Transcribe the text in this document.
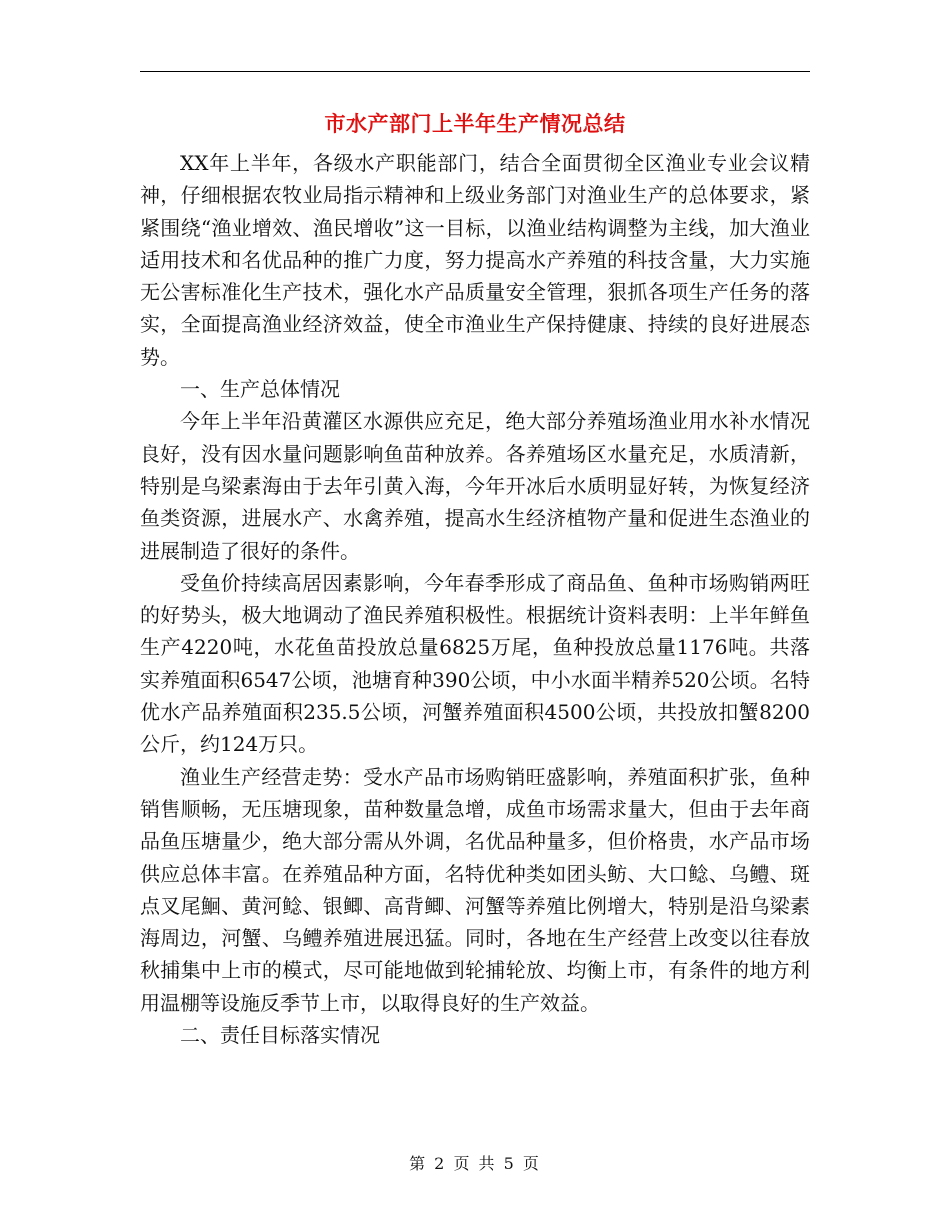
市水产部门上半年生产情况总结

XX年上半年，各级水产职能部门，结合全面贯彻全区渔业专业会议精神，仔细根据农牧业局指示精神和上级业务部门对渔业生产的总体要求，紧紧围绕“渔业增效、渔民增收”这一目标，以渔业结构调整为主线，加大渔业适用技术和名优品种的推广力度，努力提高水产养殖的科技含量，大力实施无公害标准化生产技术，强化水产品质量安全管理，狠抓各项生产任务的落实，全面提高渔业经济效益，使全市渔业生产保持健康、持续的良好进展态势。

一、生产总体情况

今年上半年沿黄灌区水源供应充足，绝大部分养殖场渔业用水补水情况良好，没有因水量问题影响鱼苗种放养。各养殖场区水量充足，水质清新，特别是乌梁素海由于去年引黄入海，今年开冰后水质明显好转，为恢复经济鱼类资源，进展水产、水禽养殖，提高水生经济植物产量和促进生态渔业的进展制造了很好的条件。

受鱼价持续高居因素影响，今年春季形成了商品鱼、鱼种市场购销两旺的好势头，极大地调动了渔民养殖积极性。根据统计资料表明：上半年鲜鱼生产4220吨，水花鱼苗投放总量6825万尾，鱼种投放总量1176吨。共落实养殖面积6547公顷，池塘育种390公顷，中小水面半精养520公顷。名特优水产品养殖面积235.5公顷，河蟹养殖面积4500公顷，共投放扣蟹8200公斤，约124万只。

渔业生产经营走势：受水产品市场购销旺盛影响，养殖面积扩张，鱼种销售顺畅，无压塘现象，苗种数量急增，成鱼市场需求量大，但由于去年商品鱼压塘量少，绝大部分需从外调，名优品种量多，但价格贵，水产品市场供应总体丰富。在养殖品种方面，名特优种类如团头鲂、大口鲶、乌鳢、斑点叉尾鮰、黄河鲶、银鲫、高背鲫、河蟹等养殖比例增大，特别是沿乌梁素海周边，河蟹、乌鳢养殖进展迅猛。同时，各地在生产经营上改变以往春放秋捕集中上市的模式，尽可能地做到轮捕轮放、均衡上市，有条件的地方利用温棚等设施反季节上市，以取得良好的生产效益。

二、责任目标落实情况

第 2 页 共 5 页
